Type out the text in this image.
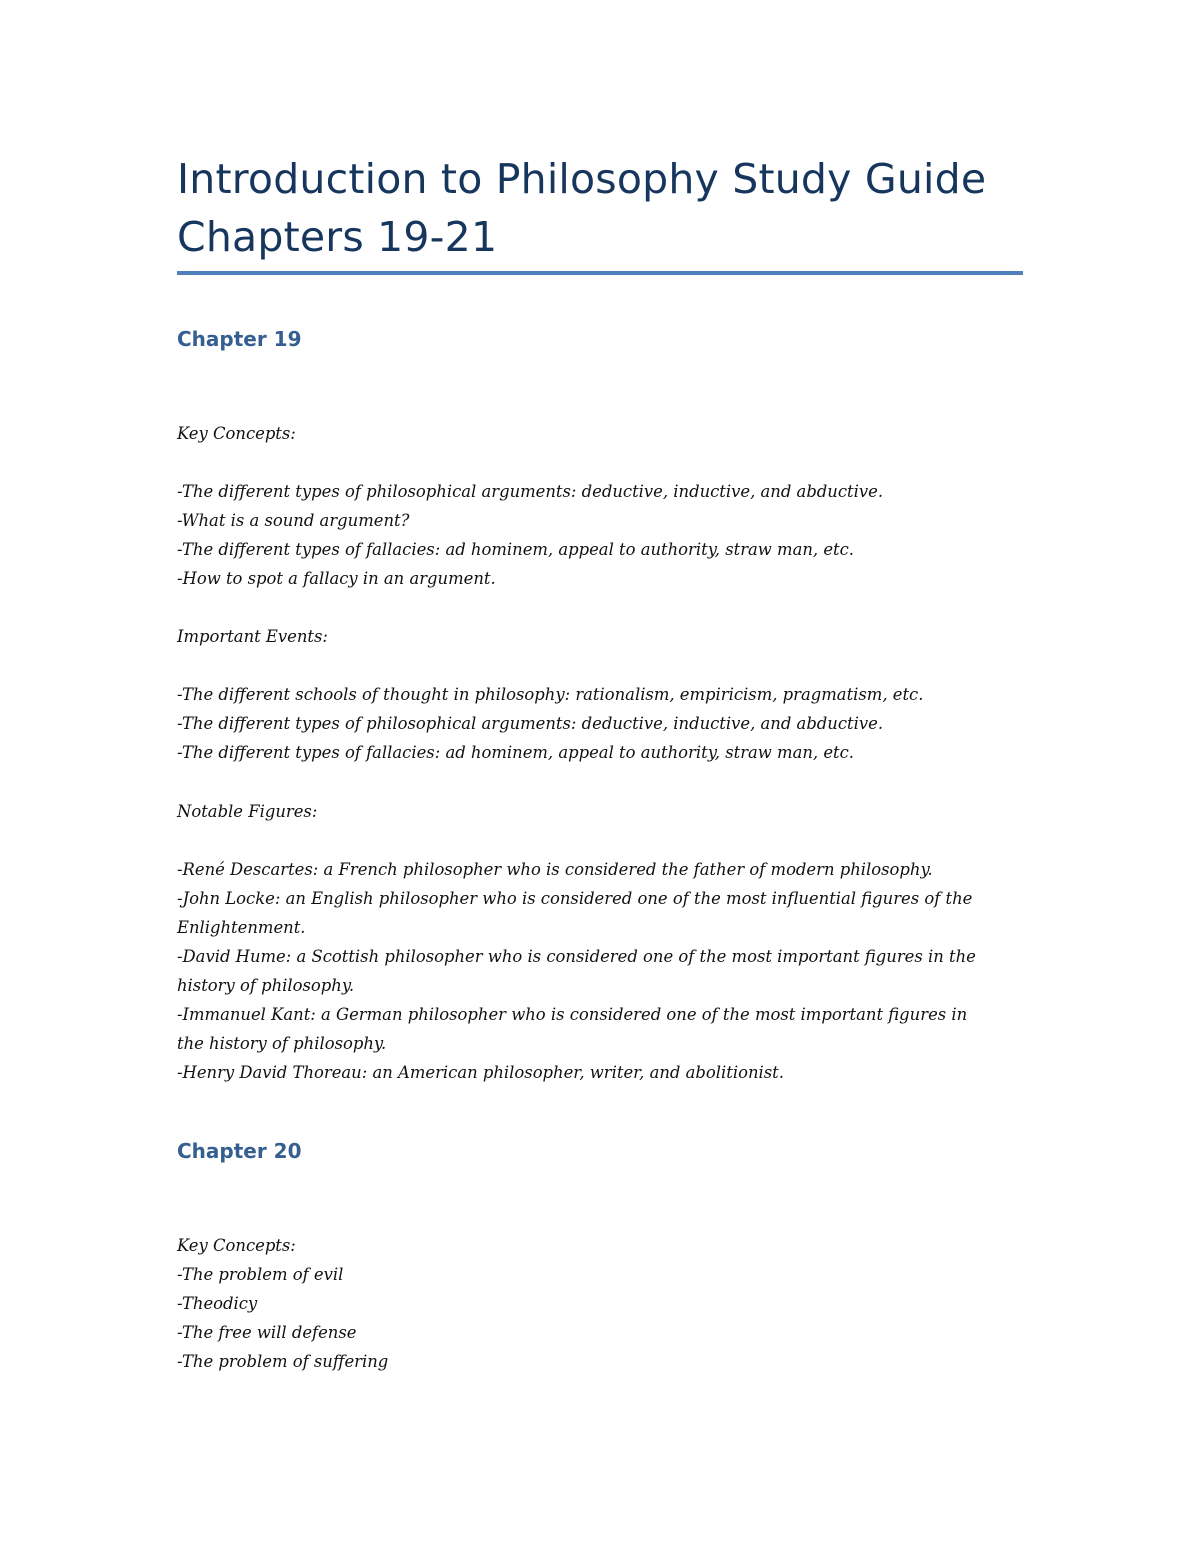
Introduction to Philosophy Study Guide
Chapters 19-21
Chapter 19
Key Concepts:
-The different types of philosophical arguments: deductive, inductive, and abductive.
-What is a sound argument?
-The different types of fallacies: ad hominem, appeal to authority, straw man, etc.
-How to spot a fallacy in an argument.
Important Events:
-The different schools of thought in philosophy: rationalism, empiricism, pragmatism, etc.
-The different types of philosophical arguments: deductive, inductive, and abductive.
-The different types of fallacies: ad hominem, appeal to authority, straw man, etc.
Notable Figures:
-René Descartes: a French philosopher who is considered the father of modern philosophy.
-John Locke: an English philosopher who is considered one of the most influential figures of the
Enlightenment.
-David Hume: a Scottish philosopher who is considered one of the most important figures in the
history of philosophy.
-Immanuel Kant: a German philosopher who is considered one of the most important figures in
the history of philosophy.
-Henry David Thoreau: an American philosopher, writer, and abolitionist.
Chapter 20
Key Concepts:
-The problem of evil
-Theodicy
-The free will defense
-The problem of suffering
